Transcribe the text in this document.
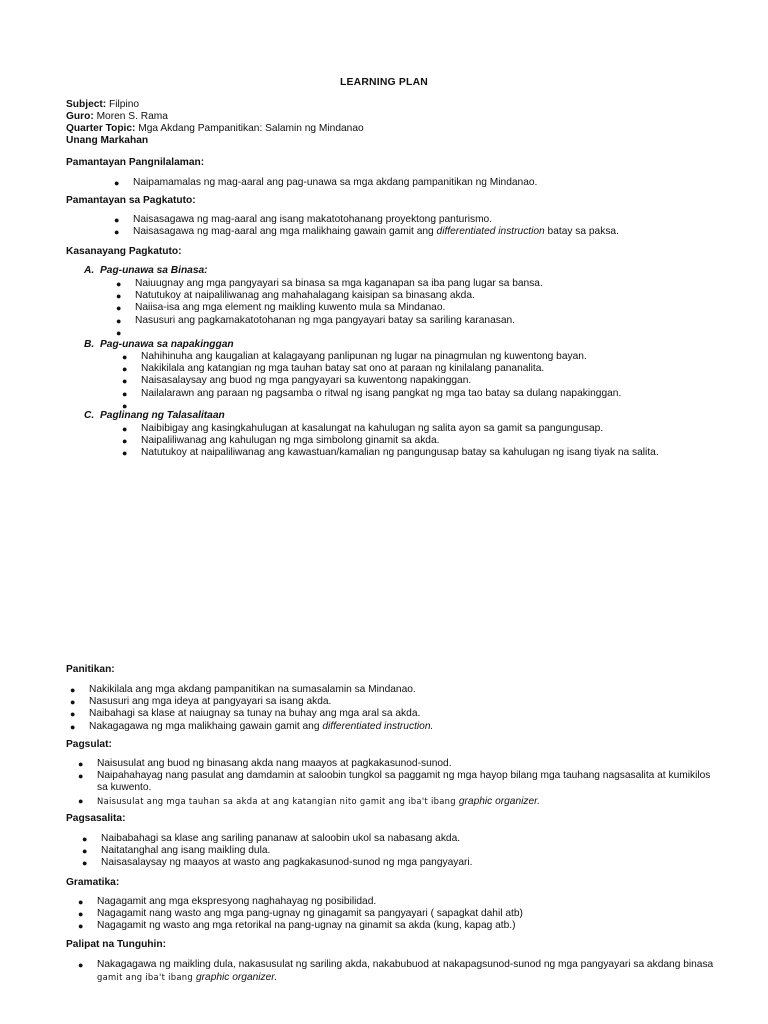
LEARNING PLAN
Subject: Filpino
Guro: Moren S. Rama
Quarter Topic: Mga Akdang Pampanitikan: Salamin ng Mindanao
Unang Markahan
Pamantayan Pangnilalaman:
● Naipamamalas ng mag-aaral ang pag-unawa sa mga akdang pampanitikan ng Mindanao.
Pamantayan sa Pagkatuto:
● Naisasagawa ng mag-aaral ang isang makatotohanang proyektong panturismo.
● Naisasagawa ng mag-aaral ang mga malikhaing gawain gamit ang differentiated instruction batay sa paksa.
Kasanayang Pagkatuto:
A. Pag-unawa sa Binasa:
● Naiuugnay ang mga pangyayari sa binasa sa mga kaganapan sa iba pang lugar sa bansa.
● Natutukoy at naipaliliwanag ang mahahalagang kaisipan sa binasang akda.
● Naiisa-isa ang mga element ng maikling kuwento mula sa Mindanao.
● Nasusuri ang pagkamakatotohanan ng mga pangyayari batay sa sariling karanasan.
●

B. Pag-unawa sa napakinggan
● Nahihinuha ang kaugalian at kalagayang panlipunan ng lugar na pinagmulan ng kuwentong bayan.
● Nakikilala ang katangian ng mga tauhan batay sat ono at paraan ng kinilalang pananalita.
● Naisasalaysay ang buod ng mga pangyayari sa kuwentong napakinggan.
● Nailalarawn ang paraan ng pagsamba o ritwal ng isang pangkat ng mga tao batay sa dulang napakinggan.
●

C. Paglinang ng Talasalitaan
● Naibibigay ang kasingkahulugan at kasalungat na kahulugan ng salita ayon sa gamit sa pangungusap.
● Naipaliliwanag ang kahulugan ng mga simbolong ginamit sa akda.
● Natutukoy at naipaliliwanag ang kawastuan/kamalian ng pangungusap batay sa kahulugan ng isang tiyak na salita.
Panitikan:
● Nakikilala ang mga akdang pampanitikan na sumasalamin sa Mindanao.
● Nasusuri ang mga ideya at pangyayari sa isang akda.
● Naibahagi sa klase at naiugnay sa tunay na buhay ang mga aral sa akda.
● Nakagagawa ng mga malikhaing gawain gamit ang differentiated instruction.
Pagsulat:
● Naisusulat ang buod ng binasang akda nang maayos at pagkakasunod-sunod.
● Naipahahayag nang pasulat ang damdamin at saloobin tungkol sa paggamit ng mga hayop bilang mga tauhang nagsasalita at kumikilos
sa kuwento.
● Naisusulat ang mga tauhan sa akda at ang katangian nito gamit ang iba't ibang graphic organizer.
Pagsasalita:
● Naibabahagi sa klase ang sariling pananaw at saloobin ukol sa nabasang akda.
● Naitatanghal ang isang maikling dula.
● Naisasalaysay ng maayos at wasto ang pagkakasunod-sunod ng mga pangyayari.
Gramatika:
● Nagagamit ang mga ekspresyong naghahayag ng posibilidad.
● Nagagamit nang wasto ang mga pang-ugnay ng ginagamit sa pangyayari ( sapagkat dahil atb)
● Nagagamit ng wasto ang mga retorikal na pang-ugnay na ginamit sa akda (kung, kapag atb.)
Palipat na Tunguhin:
● Nakagagawa ng maikling dula, nakasusulat ng sariling akda, nakabubuod at nakapagsunod-sunod ng mga pangyayari sa akdang binasa
gamit ang iba't ibang graphic organizer.
